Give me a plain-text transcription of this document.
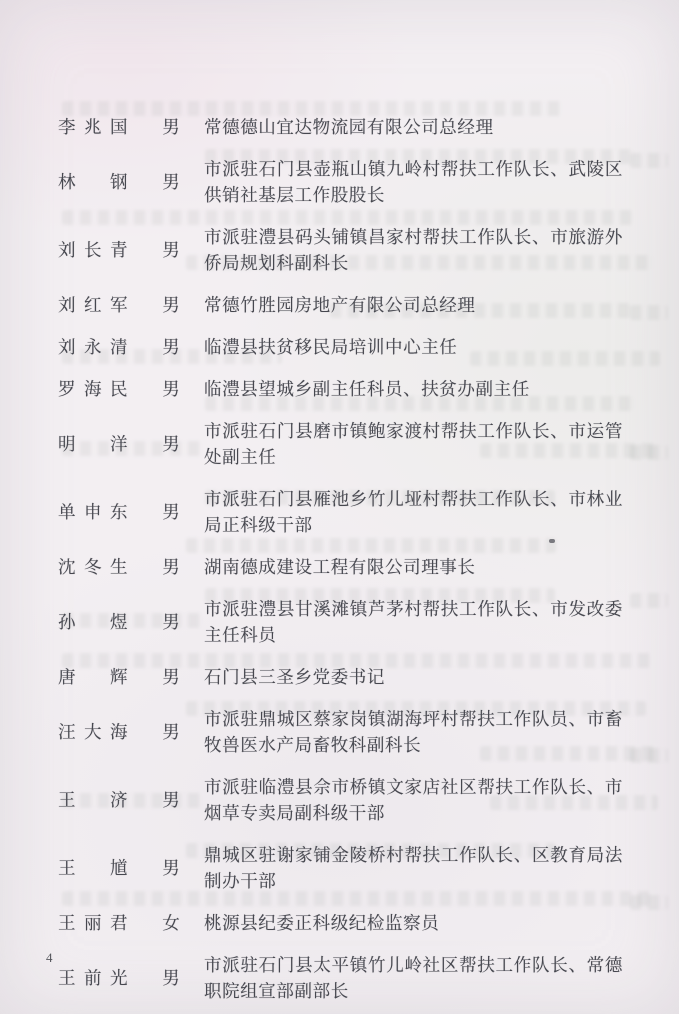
李兆国 男 常德德山宜达物流园有限公司总经理
林钢 男
市派驻石门县壶瓶山镇九岭村帮扶工作队长、武陵区供销社基层工作股股长
刘长青 男
市派驻澧县码头铺镇昌家村帮扶工作队长、市旅游外侨局规划科副科长
刘红军 男 常德竹胜园房地产有限公司总经理
刘永清 男 临澧县扶贫移民局培训中心主任
罗海民 男 临澧县望城乡副主任科员、扶贫办副主任
明洋 男
市派驻石门县磨市镇鲍家渡村帮扶工作队长、市运管处副主任
单申东 男
市派驻石门县雁池乡竹儿垭村帮扶工作队长、市林业局正科级干部
沈冬生 男 湖南德成建设工程有限公司理事长
孙煜 男
市派驻澧县甘溪滩镇芦茅村帮扶工作队长、市发改委主任科员
唐辉 男 石门县三圣乡党委书记
汪大海 男
市派驻鼎城区蔡家岗镇湖海坪村帮扶工作队员、市畜牧兽医水产局畜牧科副科长
王济 男
市派驻临澧县佘市桥镇文家店社区帮扶工作队长、市烟草专卖局副科级干部
王馗 男
鼎城区驻谢家铺金陵桥村帮扶工作队长、区教育局法制办干部
王丽君 女 桃源县纪委正科级纪检监察员
王前光 男
市派驻石门县太平镇竹儿岭社区帮扶工作队长、常德职院组宣部副部长
4
